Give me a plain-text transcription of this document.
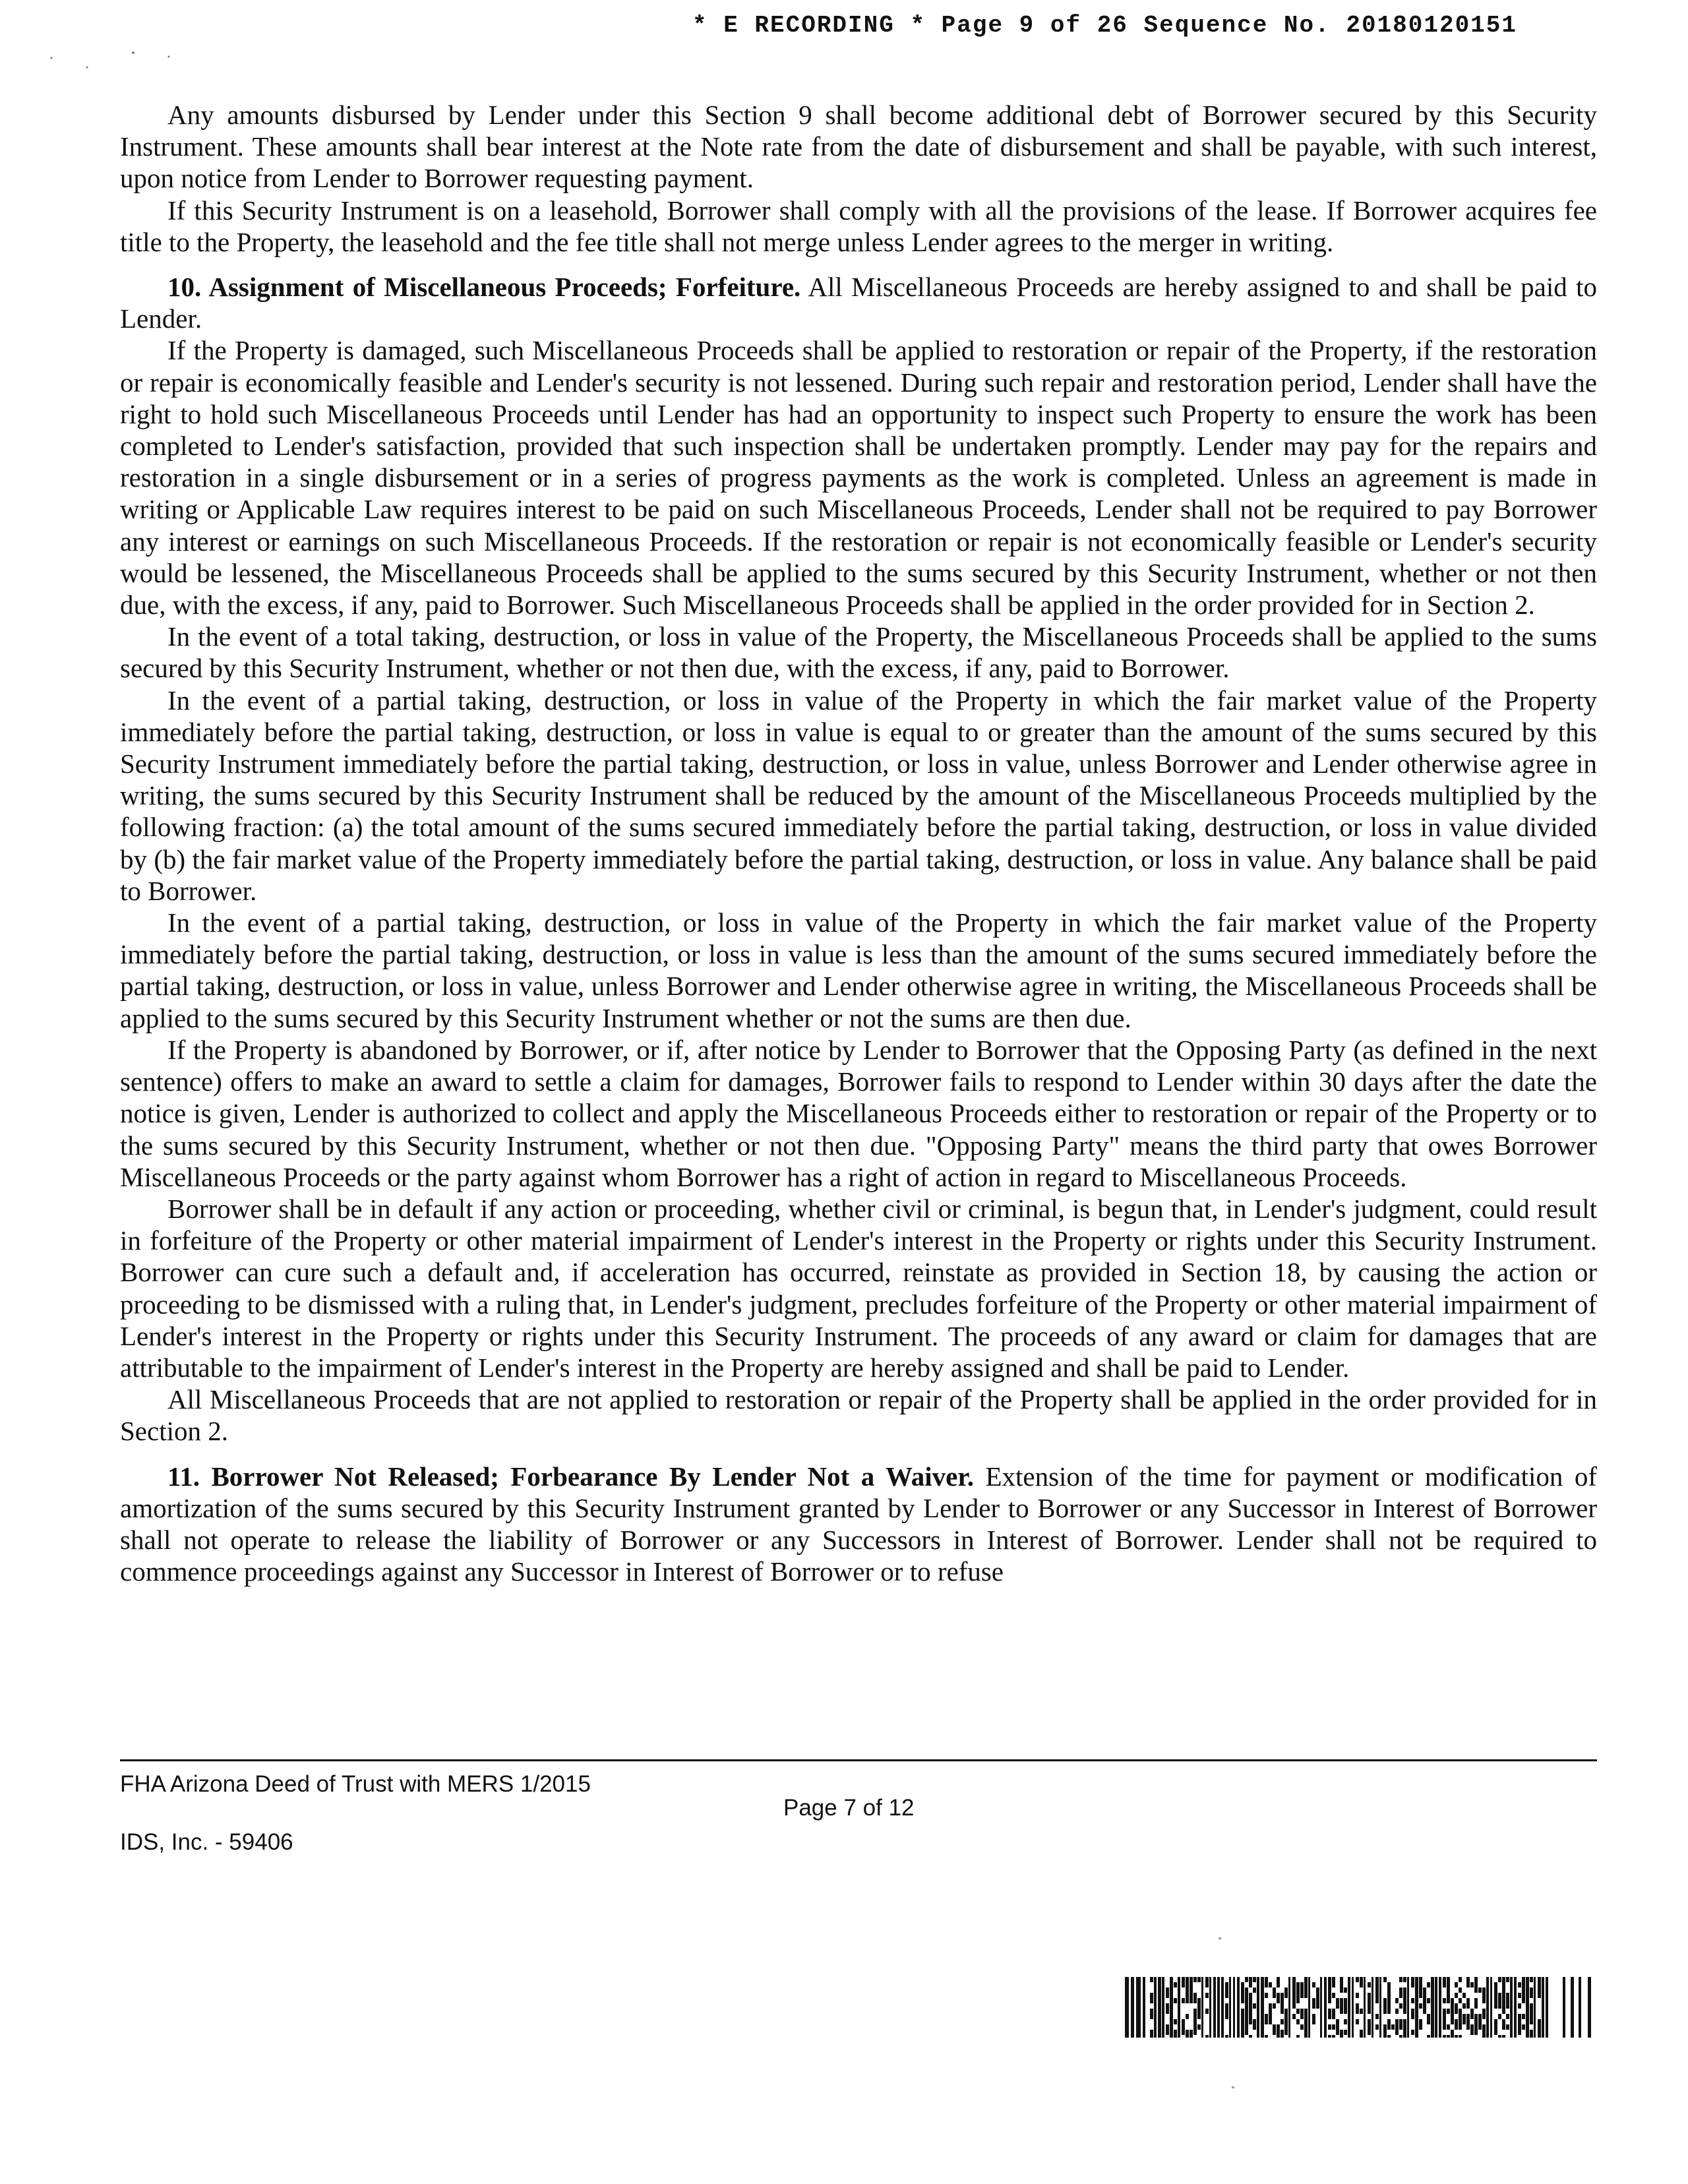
* E RECORDING * Page 9 of 26 Sequence No. 20180120151

Any amounts disbursed by Lender under this Section 9 shall become additional debt of Borrower secured by this Security Instrument. These amounts shall bear interest at the Note rate from the date of disbursement and shall be payable, with such interest, upon notice from Lender to Borrower requesting payment.

If this Security Instrument is on a leasehold, Borrower shall comply with all the provisions of the lease. If Borrower acquires fee title to the Property, the leasehold and the fee title shall not merge unless Lender agrees to the merger in writing.

10. Assignment of Miscellaneous Proceeds; Forfeiture. All Miscellaneous Proceeds are hereby assigned to and shall be paid to Lender.

If the Property is damaged, such Miscellaneous Proceeds shall be applied to restoration or repair of the Property, if the restoration or repair is economically feasible and Lender's security is not lessened. During such repair and restoration period, Lender shall have the right to hold such Miscellaneous Proceeds until Lender has had an opportunity to inspect such Property to ensure the work has been completed to Lender's satisfaction, provided that such inspection shall be undertaken promptly. Lender may pay for the repairs and restoration in a single disbursement or in a series of progress payments as the work is completed. Unless an agreement is made in writing or Applicable Law requires interest to be paid on such Miscellaneous Proceeds, Lender shall not be required to pay Borrower any interest or earnings on such Miscellaneous Proceeds. If the restoration or repair is not economically feasible or Lender's security would be lessened, the Miscellaneous Proceeds shall be applied to the sums secured by this Security Instrument, whether or not then due, with the excess, if any, paid to Borrower. Such Miscellaneous Proceeds shall be applied in the order provided for in Section 2.

In the event of a total taking, destruction, or loss in value of the Property, the Miscellaneous Proceeds shall be applied to the sums secured by this Security Instrument, whether or not then due, with the excess, if any, paid to Borrower.

In the event of a partial taking, destruction, or loss in value of the Property in which the fair market value of the Property immediately before the partial taking, destruction, or loss in value is equal to or greater than the amount of the sums secured by this Security Instrument immediately before the partial taking, destruction, or loss in value, unless Borrower and Lender otherwise agree in writing, the sums secured by this Security Instrument shall be reduced by the amount of the Miscellaneous Proceeds multiplied by the following fraction: (a) the total amount of the sums secured immediately before the partial taking, destruction, or loss in value divided by (b) the fair market value of the Property immediately before the partial taking, destruction, or loss in value. Any balance shall be paid to Borrower.

In the event of a partial taking, destruction, or loss in value of the Property in which the fair market value of the Property immediately before the partial taking, destruction, or loss in value is less than the amount of the sums secured immediately before the partial taking, destruction, or loss in value, unless Borrower and Lender otherwise agree in writing, the Miscellaneous Proceeds shall be applied to the sums secured by this Security Instrument whether or not the sums are then due.

If the Property is abandoned by Borrower, or if, after notice by Lender to Borrower that the Opposing Party (as defined in the next sentence) offers to make an award to settle a claim for damages, Borrower fails to respond to Lender within 30 days after the date the notice is given, Lender is authorized to collect and apply the Miscellaneous Proceeds either to restoration or repair of the Property or to the sums secured by this Security Instrument, whether or not then due. "Opposing Party" means the third party that owes Borrower Miscellaneous Proceeds or the party against whom Borrower has a right of action in regard to Miscellaneous Proceeds.

Borrower shall be in default if any action or proceeding, whether civil or criminal, is begun that, in Lender's judgment, could result in forfeiture of the Property or other material impairment of Lender's interest in the Property or rights under this Security Instrument. Borrower can cure such a default and, if acceleration has occurred, reinstate as provided in Section 18, by causing the action or proceeding to be dismissed with a ruling that, in Lender's judgment, precludes forfeiture of the Property or other material impairment of Lender's interest in the Property or rights under this Security Instrument. The proceeds of any award or claim for damages that are attributable to the impairment of Lender's interest in the Property are hereby assigned and shall be paid to Lender.

All Miscellaneous Proceeds that are not applied to restoration or repair of the Property shall be applied in the order provided for in Section 2.

11. Borrower Not Released; Forbearance By Lender Not a Waiver. Extension of the time for payment or modification of amortization of the sums secured by this Security Instrument granted by Lender to Borrower or any Successor in Interest of Borrower shall not operate to release the liability of Borrower or any Successors in Interest of Borrower. Lender shall not be required to commence proceedings against any Successor in Interest of Borrower or to refuse

FHA Arizona Deed of Trust with MERS 1/2015
Page 7 of 12
IDS, Inc. - 59406
